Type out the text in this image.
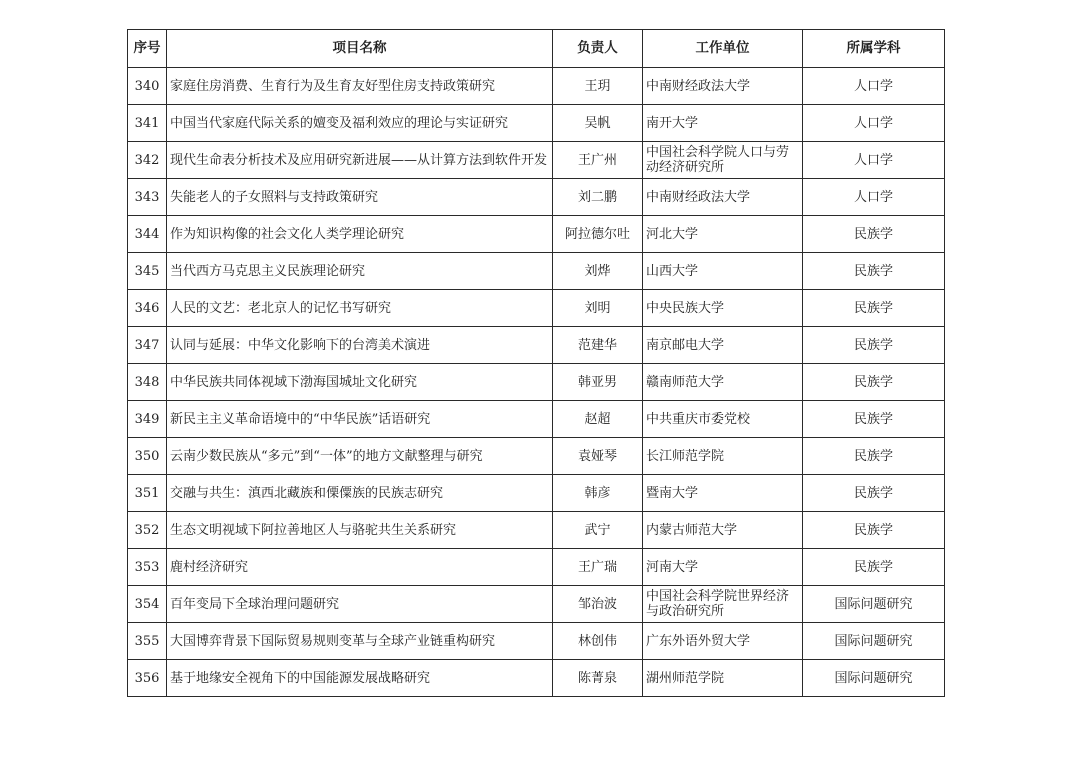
序号	项目名称	负责人	工作单位	所属学科
340	家庭住房消费、生育行为及生育友好型住房支持政策研究	王玥	中南财经政法大学	人口学
341	中国当代家庭代际关系的嬗变及福利效应的理论与实证研究	吴帆	南开大学	人口学
342	现代生命表分析技术及应用研究新进展——从计算方法到软件开发	王广州	中国社会科学院人口与劳动经济研究所	人口学
343	失能老人的子女照料与支持政策研究	刘二鹏	中南财经政法大学	人口学
344	作为知识构像的社会文化人类学理论研究	阿拉德尔吐	河北大学	民族学
345	当代西方马克思主义民族理论研究	刘烨	山西大学	民族学
346	人民的文艺：老北京人的记忆书写研究	刘明	中央民族大学	民族学
347	认同与延展：中华文化影响下的台湾美术演进	范建华	南京邮电大学	民族学
348	中华民族共同体视域下渤海国城址文化研究	韩亚男	赣南师范大学	民族学
349	新民主主义革命语境中的“中华民族”话语研究	赵超	中共重庆市委党校	民族学
350	云南少数民族从“多元”到“一体”的地方文献整理与研究	袁娅琴	长江师范学院	民族学
351	交融与共生：滇西北藏族和傈僳族的民族志研究	韩彦	暨南大学	民族学
352	生态文明视域下阿拉善地区人与骆驼共生关系研究	武宁	内蒙古师范大学	民族学
353	鹿村经济研究	王广瑞	河南大学	民族学
354	百年变局下全球治理问题研究	邹治波	中国社会科学院世界经济与政治研究所	国际问题研究
355	大国博弈背景下国际贸易规则变革与全球产业链重构研究	林创伟	广东外语外贸大学	国际问题研究
356	基于地缘安全视角下的中国能源发展战略研究	陈菁泉	湖州师范学院	国际问题研究
